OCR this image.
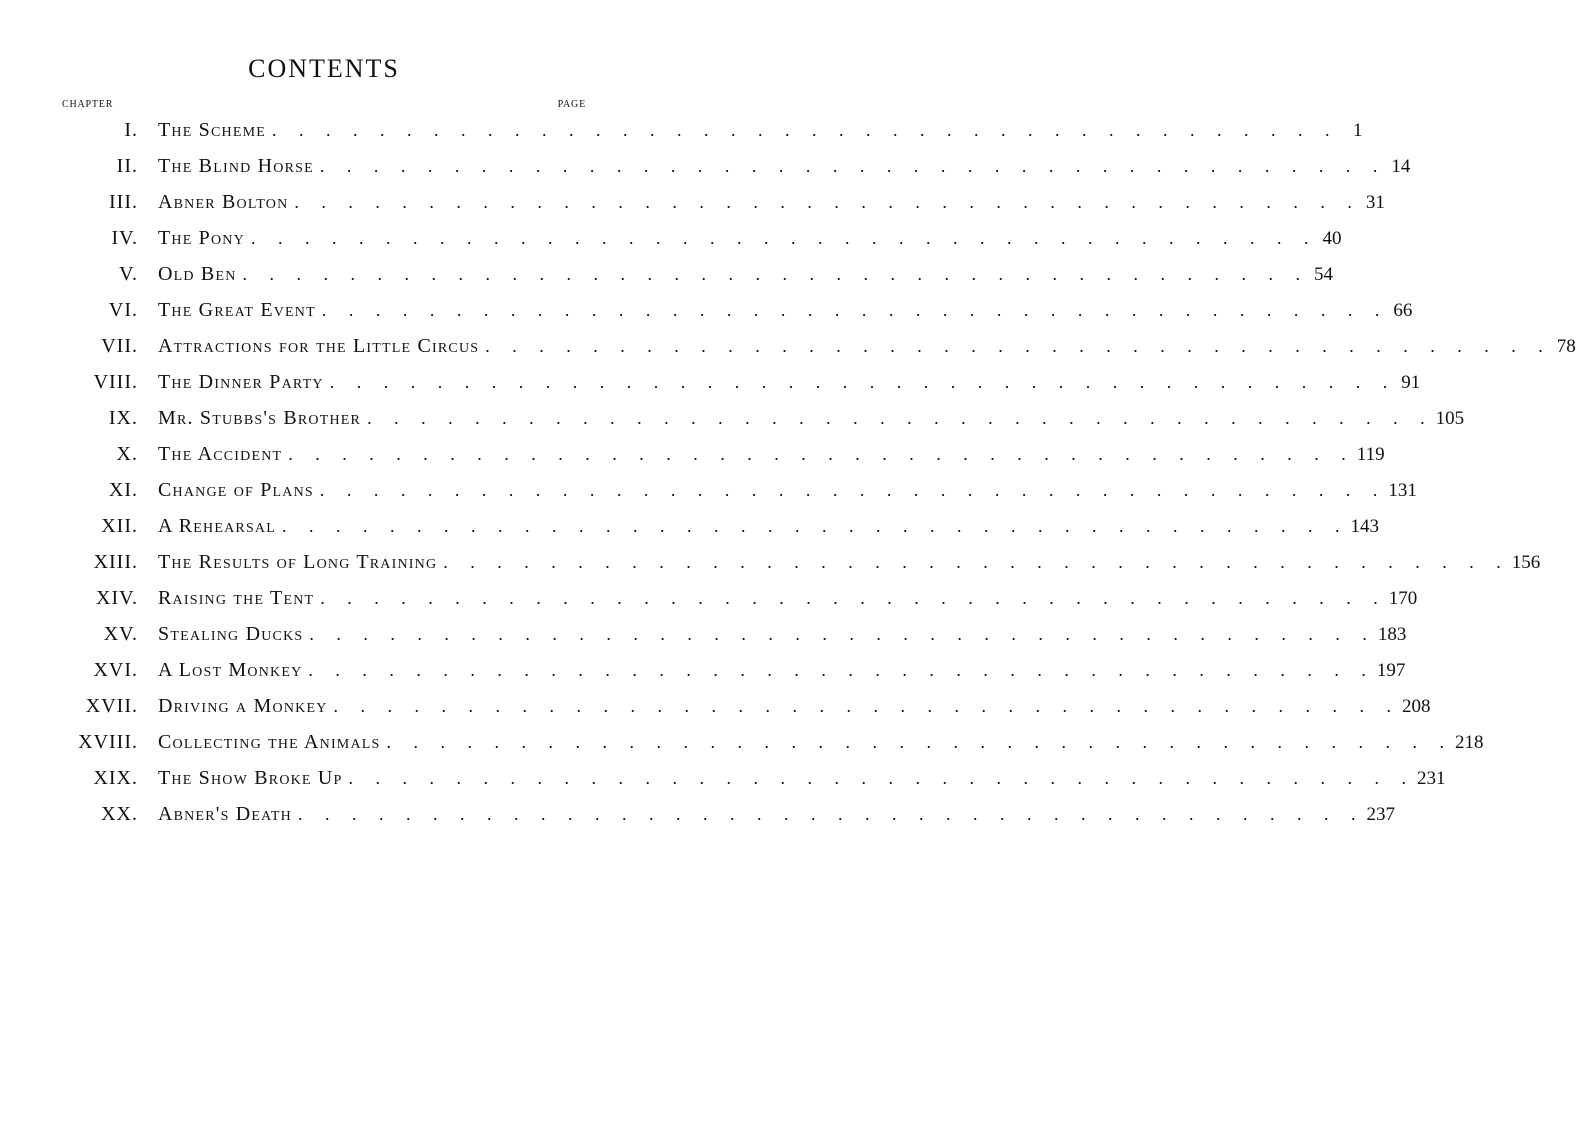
CONTENTS
CHAPTER	PAGE
I. The Scheme . . . . . . . . . . . . . . . . . . . . . . . . . . . . . . . . . . . . . . . . 1
II. The Blind Horse . . . . . . . . . . . . . . . . . . . . . . . . . . . . . . . . . . . . . . . . 14
III. Abner Bolton . . . . . . . . . . . . . . . . . . . . . . . . . . . . . . . . . . . . . . . . 31
IV. The Pony . . . . . . . . . . . . . . . . . . . . . . . . . . . . . . . . . . . . . . . . 40
V. Old Ben . . . . . . . . . . . . . . . . . . . . . . . . . . . . . . . . . . . . . . . . 54
VI. The Great Event . . . . . . . . . . . . . . . . . . . . . . . . . . . . . . . . . . . . . . . . 66
VII. Attractions for the Little Circus . . . . . . . . . . . . . . . . . . . . . . . . . . . . . . . . . . . . . . . . 78
VIII. The Dinner Party . . . . . . . . . . . . . . . . . . . . . . . . . . . . . . . . . . . . . . . . 91
IX. Mr. Stubbs's Brother . . . . . . . . . . . . . . . . . . . . . . . . . . . . . . . . . . . . . . . . 105
X. The Accident . . . . . . . . . . . . . . . . . . . . . . . . . . . . . . . . . . . . . . . . 119
XI. Change of Plans . . . . . . . . . . . . . . . . . . . . . . . . . . . . . . . . . . . . . . . . 131
XII. A Rehearsal . . . . . . . . . . . . . . . . . . . . . . . . . . . . . . . . . . . . . . . . 143
XIII. The Results of Long Training . . . . . . . . . . . . . . . . . . . . . . . . . . . . . . . . . . . . . . . . 156
XIV. Raising the Tent . . . . . . . . . . . . . . . . . . . . . . . . . . . . . . . . . . . . . . . . 170
XV. Stealing Ducks . . . . . . . . . . . . . . . . . . . . . . . . . . . . . . . . . . . . . . . . 183
XVI. A Lost Monkey . . . . . . . . . . . . . . . . . . . . . . . . . . . . . . . . . . . . . . . . 197
XVII. Driving a Monkey . . . . . . . . . . . . . . . . . . . . . . . . . . . . . . . . . . . . . . . . 208
XVIII. Collecting the Animals . . . . . . . . . . . . . . . . . . . . . . . . . . . . . . . . . . . . . . . . 218
XIX. The Show Broke Up . . . . . . . . . . . . . . . . . . . . . . . . . . . . . . . . . . . . . . . . 231
XX. Abner's Death . . . . . . . . . . . . . . . . . . . . . . . . . . . . . . . . . . . . . . . . 237
